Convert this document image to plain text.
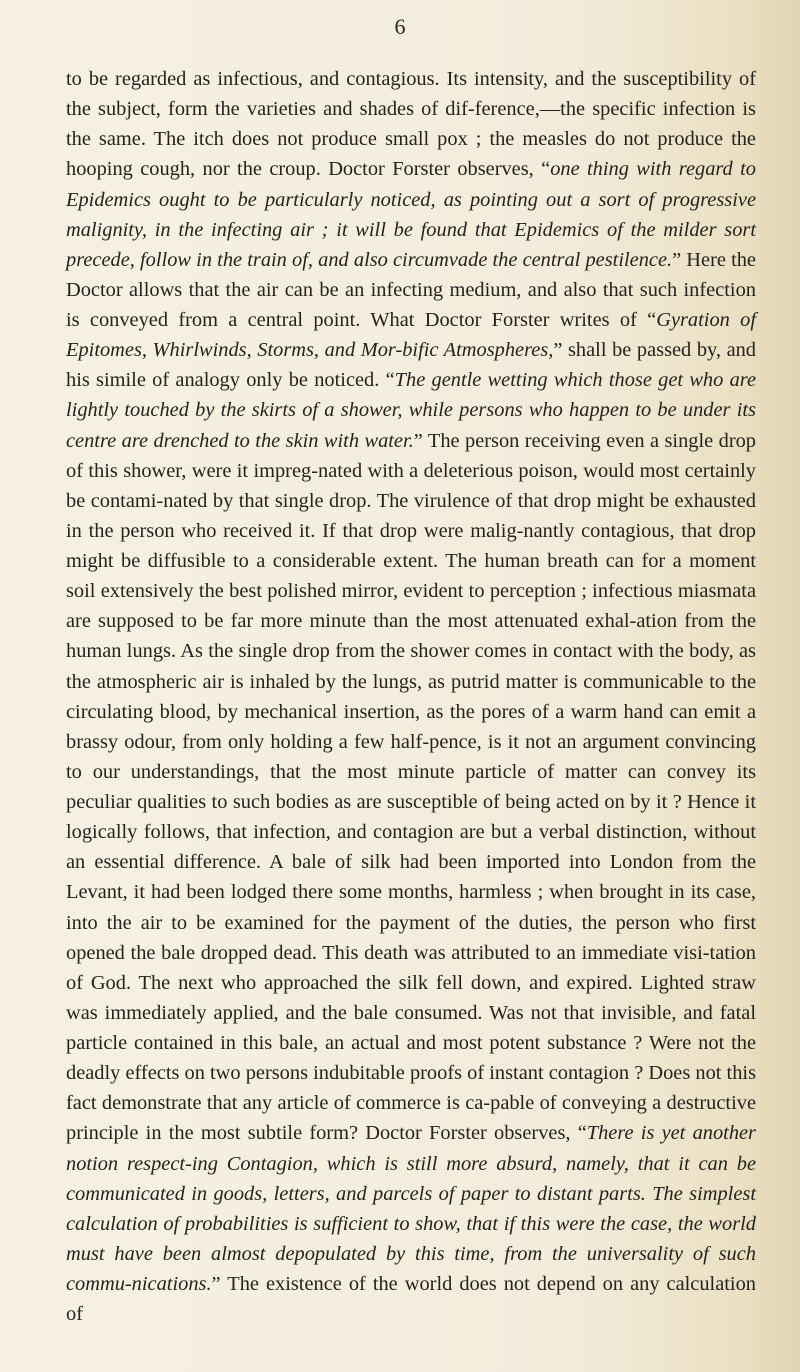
6

to be regarded as infectious, and contagious. Its intensity, and the susceptibility of the subject, form the varieties and shades of dif-ference,—the specific infection is the same. The itch does not produce small pox ; the measles do not produce the hooping cough, nor the croup. Doctor Forster observes, “one thing with regard to Epidemics ought to be particularly noticed, as pointing out a sort of progressive malignity, in the infecting air ; it will be found that Epidemics of the milder sort precede, follow in the train of, and also circumvade the central pestilence.” Here the Doctor allows that the air can be an infecting medium, and also that such infection is conveyed from a central point. What Doctor Forster writes of “Gyration of Epitomes, Whirlwinds, Storms, and Mor-bific Atmospheres,” shall be passed by, and his simile of analogy only be noticed. “The gentle wetting which those get who are lightly touched by the skirts of a shower, while persons who happen to be under its centre are drenched to the skin with water.” The person receiving even a single drop of this shower, were it impreg-nated with a deleterious poison, would most certainly be contami-nated by that single drop. The virulence of that drop might be exhausted in the person who received it. If that drop were malig-nantly contagious, that drop might be diffusible to a considerable extent. The human breath can for a moment soil extensively the best polished mirror, evident to perception ; infectious miasmata are supposed to be far more minute than the most attenuated exhal-ation from the human lungs. As the single drop from the shower comes in contact with the body, as the atmospheric air is inhaled by the lungs, as putrid matter is communicable to the circulating blood, by mechanical insertion, as the pores of a warm hand can emit a brassy odour, from only holding a few half-pence, is it not an argument convincing to our understandings, that the most minute particle of matter can convey its peculiar qualities to such bodies as are susceptible of being acted on by it ? Hence it logically follows, that infection, and contagion are but a verbal distinction, without an essential difference. A bale of silk had been imported into London from the Levant, it had been lodged there some months, harmless ; when brought in its case, into the air to be examined for the payment of the duties, the person who first opened the bale dropped dead. This death was attributed to an immediate visi-tation of God. The next who approached the silk fell down, and expired. Lighted straw was immediately applied, and the bale consumed. Was not that invisible, and fatal particle contained in this bale, an actual and most potent substance ? Were not the deadly effects on two persons indubitable proofs of instant contagion ? Does not this fact demonstrate that any article of commerce is ca-pable of conveying a destructive principle in the most subtile form? Doctor Forster observes, “There is yet another notion respect-ing Contagion, which is still more absurd, namely, that it can be communicated in goods, letters, and parcels of paper to distant parts. The simplest calculation of probabilities is sufficient to show, that if this were the case, the world must have been almost depopulated by this time, from the universality of such commu-nications.” The existence of the world does not depend on any calculation of
